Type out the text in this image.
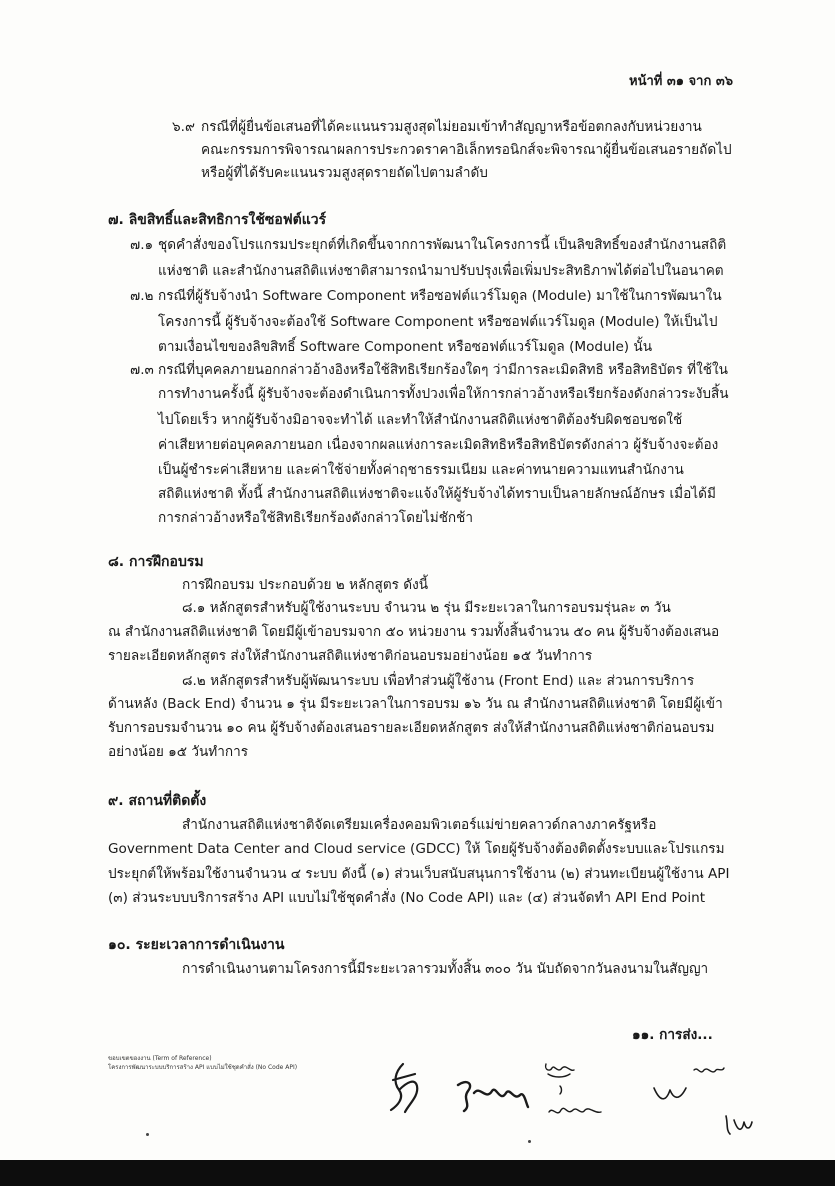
หน้าที่ ๓๑ จาก ๓๖
๖.๙ กรณีที่ผู้ยื่นข้อเสนอที่ได้คะแนนรวมสูงสุดไม่ยอมเข้าทำสัญญาหรือข้อตกลงกับหน่วยงาน
คณะกรรมการพิจารณาผลการประกวดราคาอิเล็กทรอนิกส์จะพิจารณาผู้ยื่นข้อเสนอรายถัดไป
หรือผู้ที่ได้รับคะแนนรวมสูงสุดรายถัดไปตามลำดับ
๗. ลิขสิทธิ์และสิทธิการใช้ซอฟต์แวร์
๗.๑ ชุดคำสั่งของโปรแกรมประยุกต์ที่เกิดขึ้นจากการพัฒนาในโครงการนี้ เป็นลิขสิทธิ์ของสำนักงานสถิติ
แห่งชาติ และสำนักงานสถิติแห่งชาติสามารถนำมาปรับปรุงเพื่อเพิ่มประสิทธิภาพได้ต่อไปในอนาคต
๗.๒ กรณีที่ผู้รับจ้างนำ Software Component หรือซอฟต์แวร์โมดูล (Module) มาใช้ในการพัฒนาใน
โครงการนี้ ผู้รับจ้างจะต้องใช้ Software Component หรือซอฟต์แวร์โมดูล (Module) ให้เป็นไป
ตามเงื่อนไขของลิขสิทธิ์ Software Component หรือซอฟต์แวร์โมดูล (Module) นั้น
๗.๓ กรณีที่บุคคลภายนอกกล่าวอ้างอิงหรือใช้สิทธิเรียกร้องใดๆ ว่ามีการละเมิดสิทธิ หรือสิทธิบัตร ที่ใช้ใน
การทำงานครั้งนี้ ผู้รับจ้างจะต้องดำเนินการทั้งปวงเพื่อให้การกล่าวอ้างหรือเรียกร้องดังกล่าวระงับสิ้น
ไปโดยเร็ว หากผู้รับจ้างมิอาจจะทำได้ และทำให้สำนักงานสถิติแห่งชาติต้องรับผิดชอบชดใช้
ค่าเสียหายต่อบุคคลภายนอก เนื่องจากผลแห่งการละเมิดสิทธิหรือสิทธิบัตรดังกล่าว ผู้รับจ้างจะต้อง
เป็นผู้ชำระค่าเสียหาย และค่าใช้จ่ายทั้งค่าฤชาธรรมเนียม และค่าทนายความแทนสำนักงาน
สถิติแห่งชาติ ทั้งนี้ สำนักงานสถิติแห่งชาติจะแจ้งให้ผู้รับจ้างได้ทราบเป็นลายลักษณ์อักษร เมื่อได้มี
การกล่าวอ้างหรือใช้สิทธิเรียกร้องดังกล่าวโดยไม่ชักช้า
๘. การฝึกอบรม
การฝึกอบรม ประกอบด้วย ๒ หลักสูตร ดังนี้
๘.๑ หลักสูตรสำหรับผู้ใช้งานระบบ จำนวน ๒ รุ่น มีระยะเวลาในการอบรมรุ่นละ ๓ วัน
ณ สำนักงานสถิติแห่งชาติ โดยมีผู้เข้าอบรมจาก ๕๐ หน่วยงาน รวมทั้งสิ้นจำนวน ๕๐ คน ผู้รับจ้างต้องเสนอ
รายละเอียดหลักสูตร ส่งให้สำนักงานสถิติแห่งชาติก่อนอบรมอย่างน้อย ๑๕ วันทำการ
๘.๒ หลักสูตรสำหรับผู้พัฒนาระบบ เพื่อทำส่วนผู้ใช้งาน (Front End) และ ส่วนการบริการ
ด้านหลัง (Back End) จำนวน ๑ รุ่น มีระยะเวลาในการอบรม ๑๖ วัน ณ สำนักงานสถิติแห่งชาติ โดยมีผู้เข้า
รับการอบรมจำนวน ๑๐ คน ผู้รับจ้างต้องเสนอรายละเอียดหลักสูตร ส่งให้สำนักงานสถิติแห่งชาติก่อนอบรม
อย่างน้อย ๑๕ วันทำการ
๙. สถานที่ติดตั้ง
สำนักงานสถิติแห่งชาติจัดเตรียมเครื่องคอมพิวเตอร์แม่ข่ายคลาวด์กลางภาครัฐหรือ
Government Data Center and Cloud service (GDCC) ให้ โดยผู้รับจ้างต้องติดตั้งระบบและโปรแกรม
ประยุกต์ให้พร้อมใช้งานจำนวน ๔ ระบบ ดังนี้ (๑) ส่วนเว็บสนับสนุนการใช้งาน (๒) ส่วนทะเบียนผู้ใช้งาน API
(๓) ส่วนระบบบริการสร้าง API แบบไม่ใช้ชุดคำสั่ง (No Code API) และ (๔) ส่วนจัดทำ API End Point
๑๐. ระยะเวลาการดำเนินงาน
การดำเนินงานตามโครงการนี้มีระยะเวลารวมทั้งสิ้น ๓๐๐ วัน นับถัดจากวันลงนามในสัญญา
๑๑. การส่ง...
ขอบเขตของงาน (Term of Reference)
โครงการพัฒนาระบบบริการสร้าง API แบบไม่ใช้ชุดคำสั่ง (No Code API)
